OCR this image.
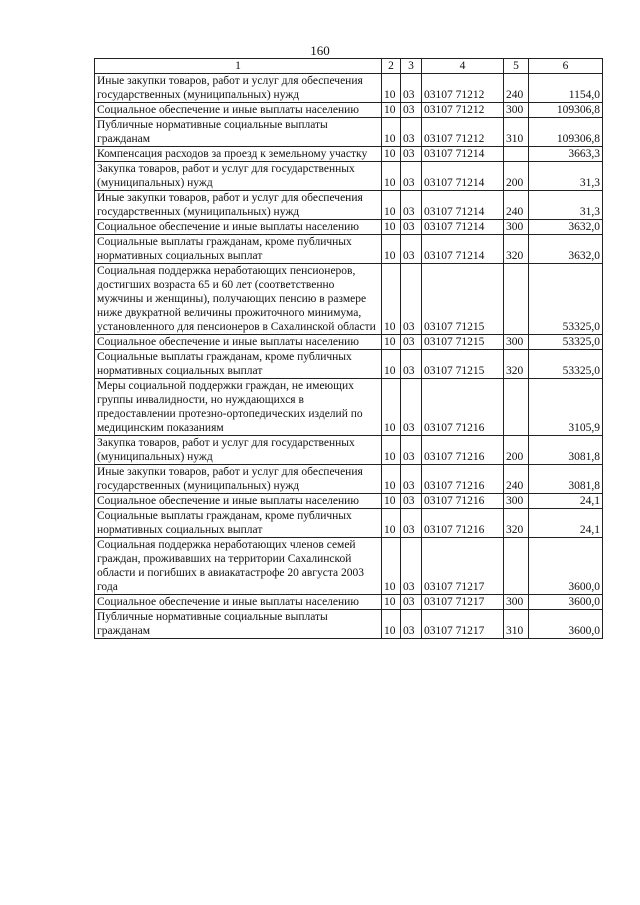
160
1	2	3	4	5	6
Иные закупки товаров, работ и услуг для обеспечения государственных (муниципальных) нужд	10	03	03107 71212	240	1154,0
Социальное обеспечение и иные выплаты населению	10	03	03107 71212	300	109306,8
Публичные нормативные социальные выплаты гражданам	10	03	03107 71212	310	109306,8
Компенсация расходов за проезд к земельному участку	10	03	03107 71214		3663,3
Закупка товаров, работ и услуг для государственных (муниципальных) нужд	10	03	03107 71214	200	31,3
Иные закупки товаров, работ и услуг для обеспечения государственных (муниципальных) нужд	10	03	03107 71214	240	31,3
Социальное обеспечение и иные выплаты населению	10	03	03107 71214	300	3632,0
Социальные выплаты гражданам, кроме публичных нормативных социальных выплат	10	03	03107 71214	320	3632,0
Социальная поддержка неработающих пенсионеров, достигших возраста 65 и 60 лет (соответственно мужчины и женщины), получающих пенсию в размере ниже двукратной величины прожиточного минимума, установленного для пенсионеров в Сахалинской области	10	03	03107 71215		53325,0
Социальное обеспечение и иные выплаты населению	10	03	03107 71215	300	53325,0
Социальные выплаты гражданам, кроме публичных нормативных социальных выплат	10	03	03107 71215	320	53325,0
Меры социальной поддержки граждан, не имеющих группы инвалидности, но нуждающихся в предоставлении протезно-ортопедических изделий по медицинским показаниям	10	03	03107 71216		3105,9
Закупка товаров, работ и услуг для государственных (муниципальных) нужд	10	03	03107 71216	200	3081,8
Иные закупки товаров, работ и услуг для обеспечения государственных (муниципальных) нужд	10	03	03107 71216	240	3081,8
Социальное обеспечение и иные выплаты населению	10	03	03107 71216	300	24,1
Социальные выплаты гражданам, кроме публичных нормативных социальных выплат	10	03	03107 71216	320	24,1
Социальная поддержка неработающих членов семей граждан, проживавших на территории Сахалинской области и погибших в авиакатастрофе 20 августа 2003 года	10	03	03107 71217		3600,0
Социальное обеспечение и иные выплаты населению	10	03	03107 71217	300	3600,0
Публичные нормативные социальные выплаты гражданам	10	03	03107 71217	310	3600,0
